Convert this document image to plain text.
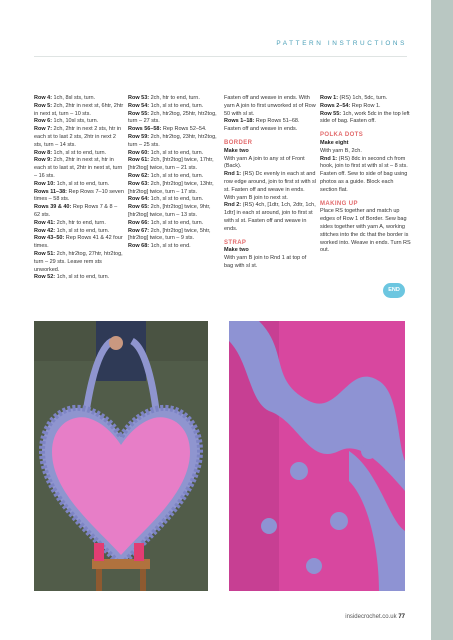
PATTERN INSTRUCTIONS

Row 4: 1ch, 8sl sts, turn.

Row 5: 2ch, 2htr in next st, 6htr, 2htr in next st, turn – 10 sts.

Row 6: 1ch, 10sl sts, turn.

Row 7: 2ch, 2htr in next 2 sts, htr in each st to last 2 sts, 2htr in next 2 sts, turn – 14 sts.

Row 8: 1ch, sl st to end, turn.

Row 9: 2ch, 2htr in next st, htr in each st to last st, 2htr in next st, turn – 16 sts.

Row 10: 1ch, sl st to end, turn.

Rows 11–38: Rep Rows 7–10 seven times – 58 sts.

Rows 39 & 40: Rep Rows 7 & 8 – 62 sts.

Row 41: 2ch, htr to end, turn.

Row 42: 1ch, sl st to end, turn.

Row 43–50: Rep Rows 41 & 42 four times.

Row 51: 2ch, htr2tog, 27htr, htr2tog, turn – 29 sts. Leave rem sts unworked.

Row 52: 1ch, sl st to end, turn.

Row 53: 2ch, htr to end, turn.

Row 54: 1ch, sl st to end, turn.

Row 55: 2ch, htr2tog, 25htr, htr2tog, turn – 27 sts.

Rows 56–58: Rep Rows 52–54.

Row 59: 2ch, htr2tog, 23htr, htr2tog, turn – 25 sts.

Row 60: 1ch, sl st to end, turn.

Row 61: 2ch, [htr2tog] twice, 17htr, [htr2tog] twice, turn – 21 sts.

Row 62: 1ch, sl st to end, turn.

Row 63: 2ch, [htr2tog] twice, 13htr, [htr2tog] twice, turn – 17 sts.

Row 64: 1ch, sl st to end, turn.

Row 65: 2ch, [htr2tog] twice, 9htr, [htr2tog] twice, turn – 13 sts.

Row 66: 1ch, sl st to end, turn.

Row 67: 2ch, [htr2tog] twice, 5htr, [htr2tog] twice, turn – 9 sts.

Row 68: 1ch, sl st to end.

Fasten off and weave in ends. With yarn A join to first unworked st of Row 50 with sl st.

Rows 1–18: Rep Rows 51–68. Fasten off and weave in ends.

BORDER

Make two

With yarn A join to any st of Front (Back).

Rnd 1: (RS) Dc evenly in each st and row edge around, join to first st with sl st. Fasten off and weave in ends. With yarn B join to next st.

Rnd 2: (RS) 4ch, [1dtr, 1ch, 2dtr, 1ch, 1dtr] in each st around, join to first st with sl st. Fasten off and weave in ends.

STRAP

Make two

With yarn B join to Rnd 1 at top of bag with sl st.

Row 1: (RS) 1ch, 5dc, turn.

Rows 2–54: Rep Row 1.

Row 55: 1ch, work 5dc in the top left side of bag. Fasten off.

POLKA DOTS

Make eight

With yarn B, 2ch.

Rnd 1: (RS) 8dc in second ch from hook, join to first st with sl st – 8 sts. Fasten off. Sew to side of bag using photos as a guide. Block each section flat.

MAKING UP

Place RS together and match up edges of Row 1 of Border. Sew bag sides together with yarn A, working stitches into the dc that the border is worked into. Weave in ends. Turn RS out.

END
insidecrochet.co.uk 77
